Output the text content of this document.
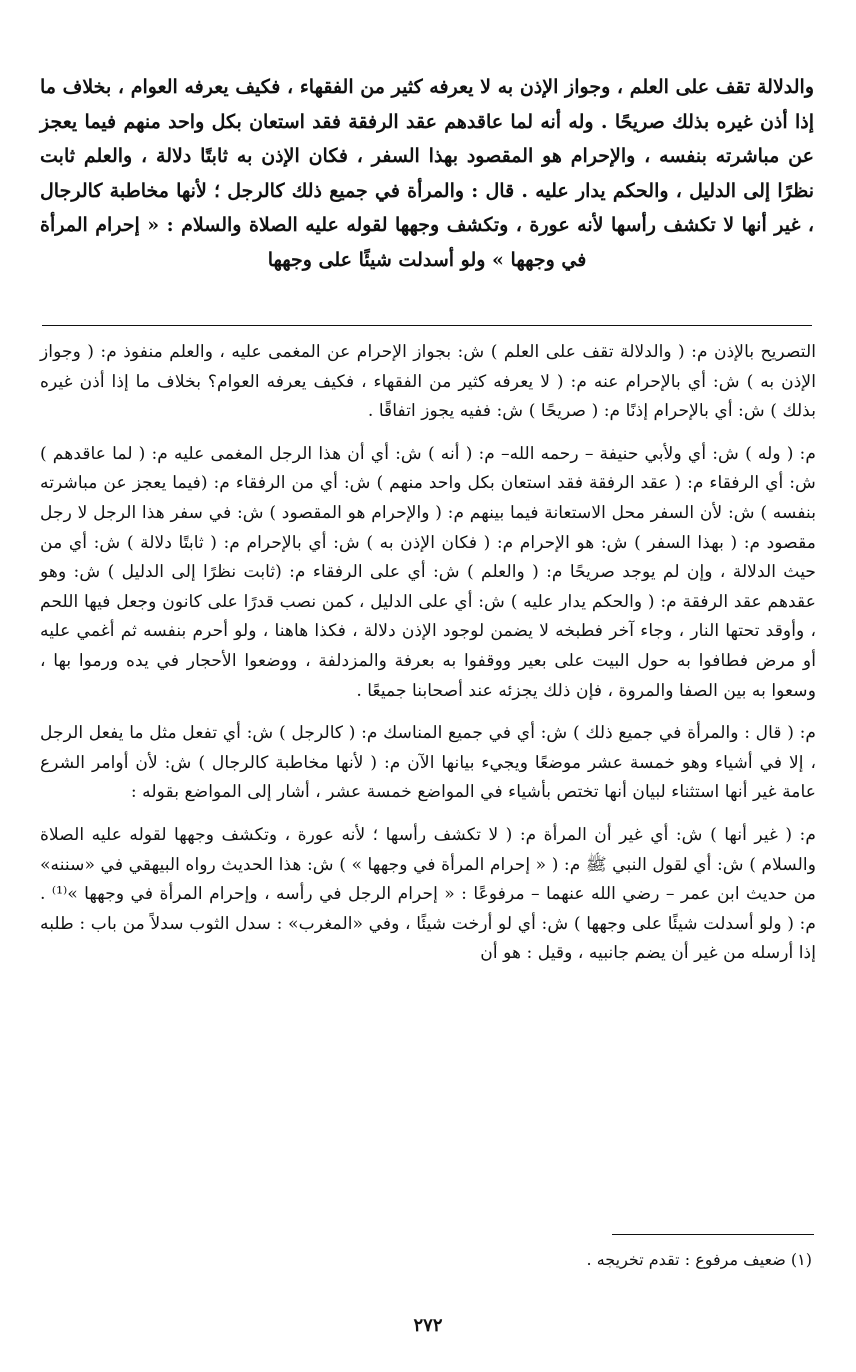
والدلالة تقف على العلم ، وجواز الإذن به لا يعرفه كثير من الفقهاء ، فكيف يعرفه العوام ، بخلاف ما إذا أذن غيره بذلك صريحًا . وله أنه لما عاقدهم عقد الرفقة فقد استعان بكل واحد منهم فيما يعجز عن مباشرته بنفسه ، والإحرام هو المقصود بهذا السفر ، فكان الإذن به ثابتًا دلالة ، والعلم ثابت نظرًا إلى الدليل ، والحكم يدار عليه . قال : والمرأة في جميع ذلك كالرجل ؛ لأنها مخاطبة كالرجال ، غير أنها لا تكشف رأسها لأنه عورة ، وتكشف وجهها لقوله عليه الصلاة والسلام : « إحرام المرأة في وجهها » ولو أسدلت شيئًا على وجهها

التصريح بالإذن م: ( والدلالة تقف على العلم ) ش: بجواز الإحرام عن المغمى عليه ، والعلم منفوذ م: ( وجواز الإذن به ) ش: أي بالإحرام عنه م: ( لا يعرفه كثير من الفقهاء ، فكيف يعرفه العوام؟ بخلاف ما إذا أذن غيره بذلك ) ش: أي بالإحرام إذنًا م: ( صريحًا ) ش: ففيه يجوز اتفاقًا .

م: ( وله ) ش: أي ولأبي حنيفة – رحمه الله– م: ( أنه ) ش: أي أن هذا الرجل المغمى عليه م: ( لما عاقدهم ) ش: أي الرفقاء م: ( عقد الرفقة فقد استعان بكل واحد منهم ) ش: أي من الرفقاء م: (فيما يعجز عن مباشرته بنفسه ) ش: لأن السفر محل الاستعانة فيما بينهم م: ( والإحرام هو المقصود ) ش: في سفر هذا الرجل لا رجل مقصود م: ( بهذا السفر ) ش: هو الإحرام م: ( فكان الإذن به ) ش: أي بالإحرام م: ( ثابتًا دلالة ) ش: أي من حيث الدلالة ، وإن لم يوجد صريحًا م: ( والعلم ) ش: أي على الرفقاء م: (ثابت نظرًا إلى الدليل ) ش: وهو عقدهم عقد الرفقة م: ( والحكم يدار عليه ) ش: أي على الدليل ، كمن نصب قدرًا على كانون وجعل فيها اللحم ، وأوقد تحتها النار ، وجاء آخر فطبخه لا يضمن لوجود الإذن دلالة ، فكذا هاهنا ، ولو أحرم بنفسه ثم أغمي عليه أو مرض فطافوا به حول البيت على بعير ووقفوا به بعرفة والمزدلفة ، ووضعوا الأحجار في يده ورموا بها ، وسعوا به بين الصفا والمروة ، فإن ذلك يجزئه عند أصحابنا جميعًا .

م: ( قال : والمرأة في جميع ذلك ) ش: أي في جميع المناسك م: ( كالرجل ) ش: أي تفعل مثل ما يفعل الرجل ، إلا في أشياء وهو خمسة عشر موضعًا ويجيء بيانها الآن م: ( لأنها مخاطبة كالرجال ) ش: لأن أوامر الشرع عامة غير أنها استثناء لبيان أنها تختص بأشياء في المواضع خمسة عشر ، أشار إلى المواضع بقوله :

م: ( غير أنها ) ش: أي غير أن المرأة م: ( لا تكشف رأسها ؛ لأنه عورة ، وتكشف وجهها لقوله عليه الصلاة والسلام ) ش: أي لقول النبي ﷺ م: ( « إحرام المرأة في وجهها » ) ش: هذا الحديث رواه البيهقي في «سننه» من حديث ابن عمر – رضي الله عنهما – مرفوعًا : « إحرام الرجل في رأسه ، وإحرام المرأة في وجهها »⁽¹⁾ . م: ( ولو أسدلت شيئًا على وجهها ) ش: أي لو أرخت شيئًا ، وفي «المغرب» : سدل الثوب سدلاً من باب : طلبه إذا أرسله من غير أن يضم جانبيه ، وقيل : هو أن

(١) ضعيف مرفوع : تقدم تخريجه .

٢٧٢
